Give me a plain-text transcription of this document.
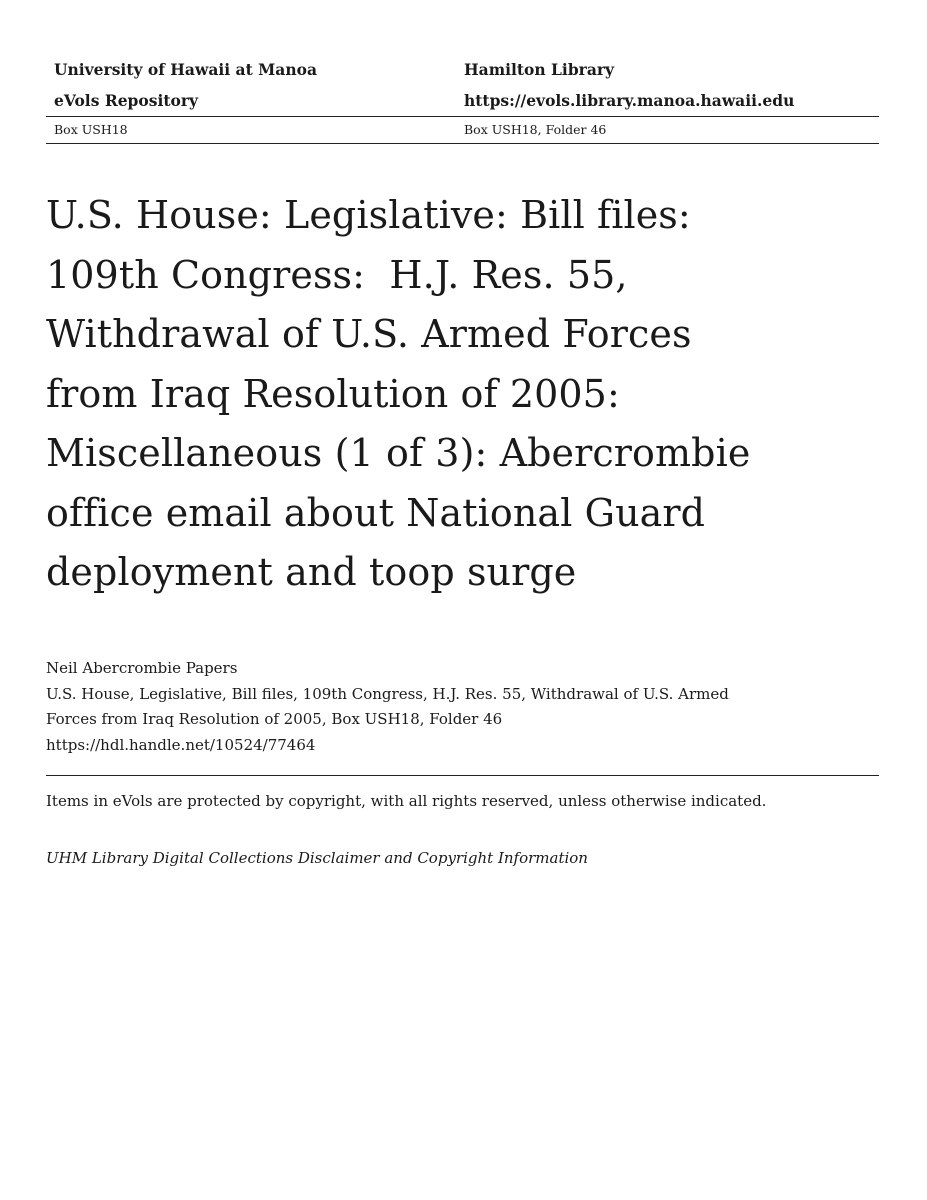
University of Hawaii at Manoa	Hamilton Library
eVols Repository	https://evols.library.manoa.hawaii.edu
Box USH18	Box USH18, Folder 46
U.S. House: Legislative: Bill files:
109th Congress:  H.J. Res. 55,
Withdrawal of U.S. Armed Forces
from Iraq Resolution of 2005:
Miscellaneous (1 of 3): Abercrombie
office email about National Guard
deployment and toop surge
Neil Abercrombie Papers
U.S. House, Legislative, Bill files, 109th Congress, H.J. Res. 55, Withdrawal of U.S. Armed
Forces from Iraq Resolution of 2005, Box USH18, Folder 46
https://hdl.handle.net/10524/77464
Items in eVols are protected by copyright, with all rights reserved, unless otherwise indicated.
UHM Library Digital Collections Disclaimer and Copyright Information
